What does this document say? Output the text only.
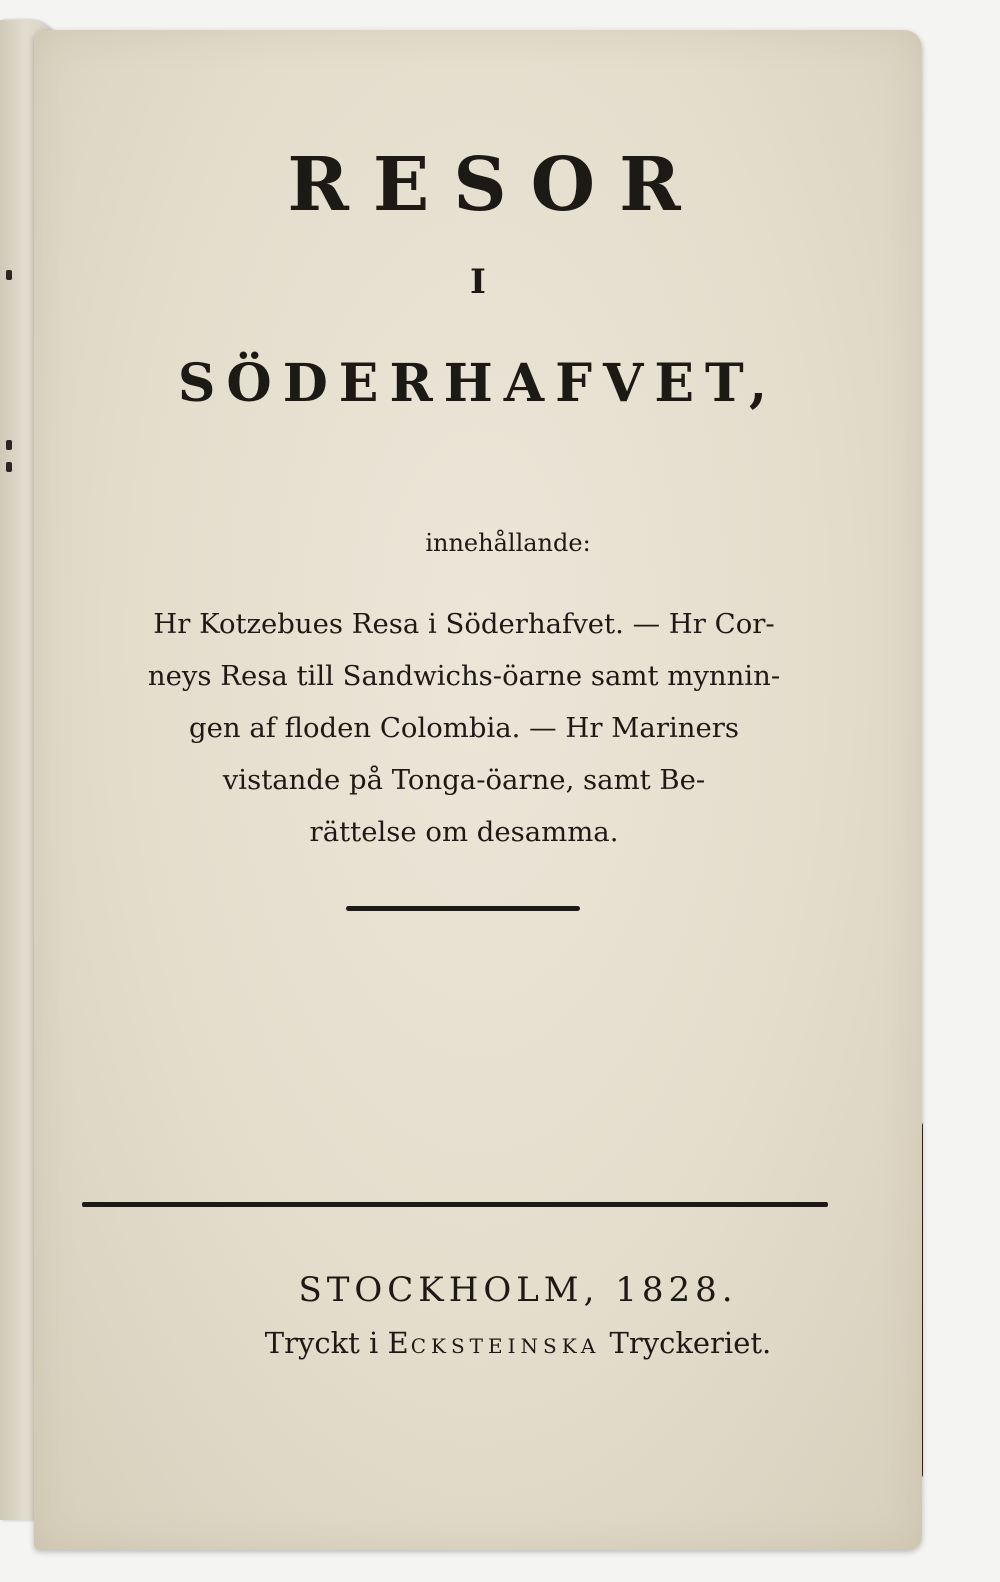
RESOR
I
SÖDERHAFVET,
innehållande:
Hr Kotzebues Resa i Söderhafvet. — Hr Cor-
neys Resa till Sandwichs-öarne samt mynnin-
gen af floden Colombia. — Hr Mariners
vistande på Tonga-öarne, samt Be-
rättelse om desamma.
STOCKHOLM, 1828.
Tryckt i ECKSTEINSKA Tryckeriet.
